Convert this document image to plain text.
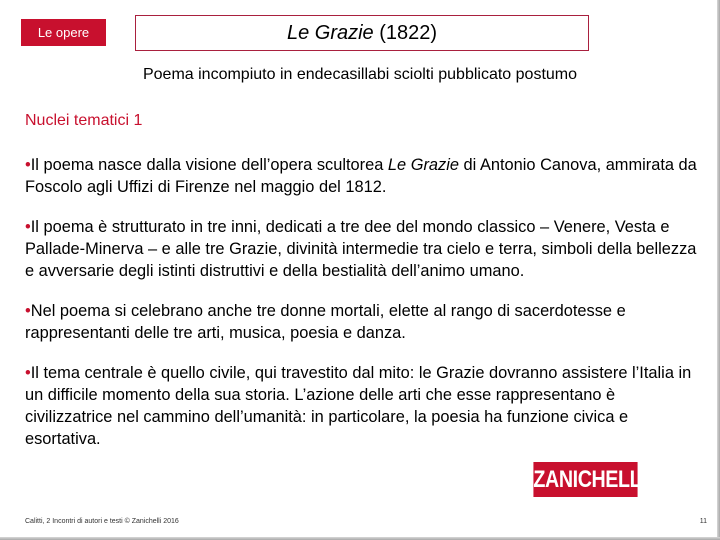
Le opere	Le Grazie (1822)
Poema incompiuto in endecasillabi sciolti pubblicato postumo
Nuclei tematici 1

•Il poema nasce dalla visione dell’opera scultorea Le Grazie di Antonio Canova, ammirata da Foscolo agli Uffizi di Firenze nel maggio del 1812.

•Il poema è strutturato in tre inni, dedicati a tre dee del mondo classico – Venere, Vesta e Pallade-Minerva – e alle tre Grazie, divinità intermedie tra cielo e terra, simboli della bellezza e avversarie degli istinti distruttivi e della bestialità dell’animo umano.

•Nel poema si celebrano anche tre donne mortali, elette al rango di sacerdotesse e rappresentanti delle tre arti, musica, poesia e danza.

•Il tema centrale è quello civile, qui travestito dal mito: le Grazie dovranno assistere l’Italia in un difficile momento della sua storia. L’azione delle arti che esse rappresentano è civilizzatrice nel cammino dell’umanità: in particolare, la poesia ha funzione civica e esortativa.

ZANICHELLI
Calitti, 2 Incontri di autori e testi © Zanichelli 2016	11
